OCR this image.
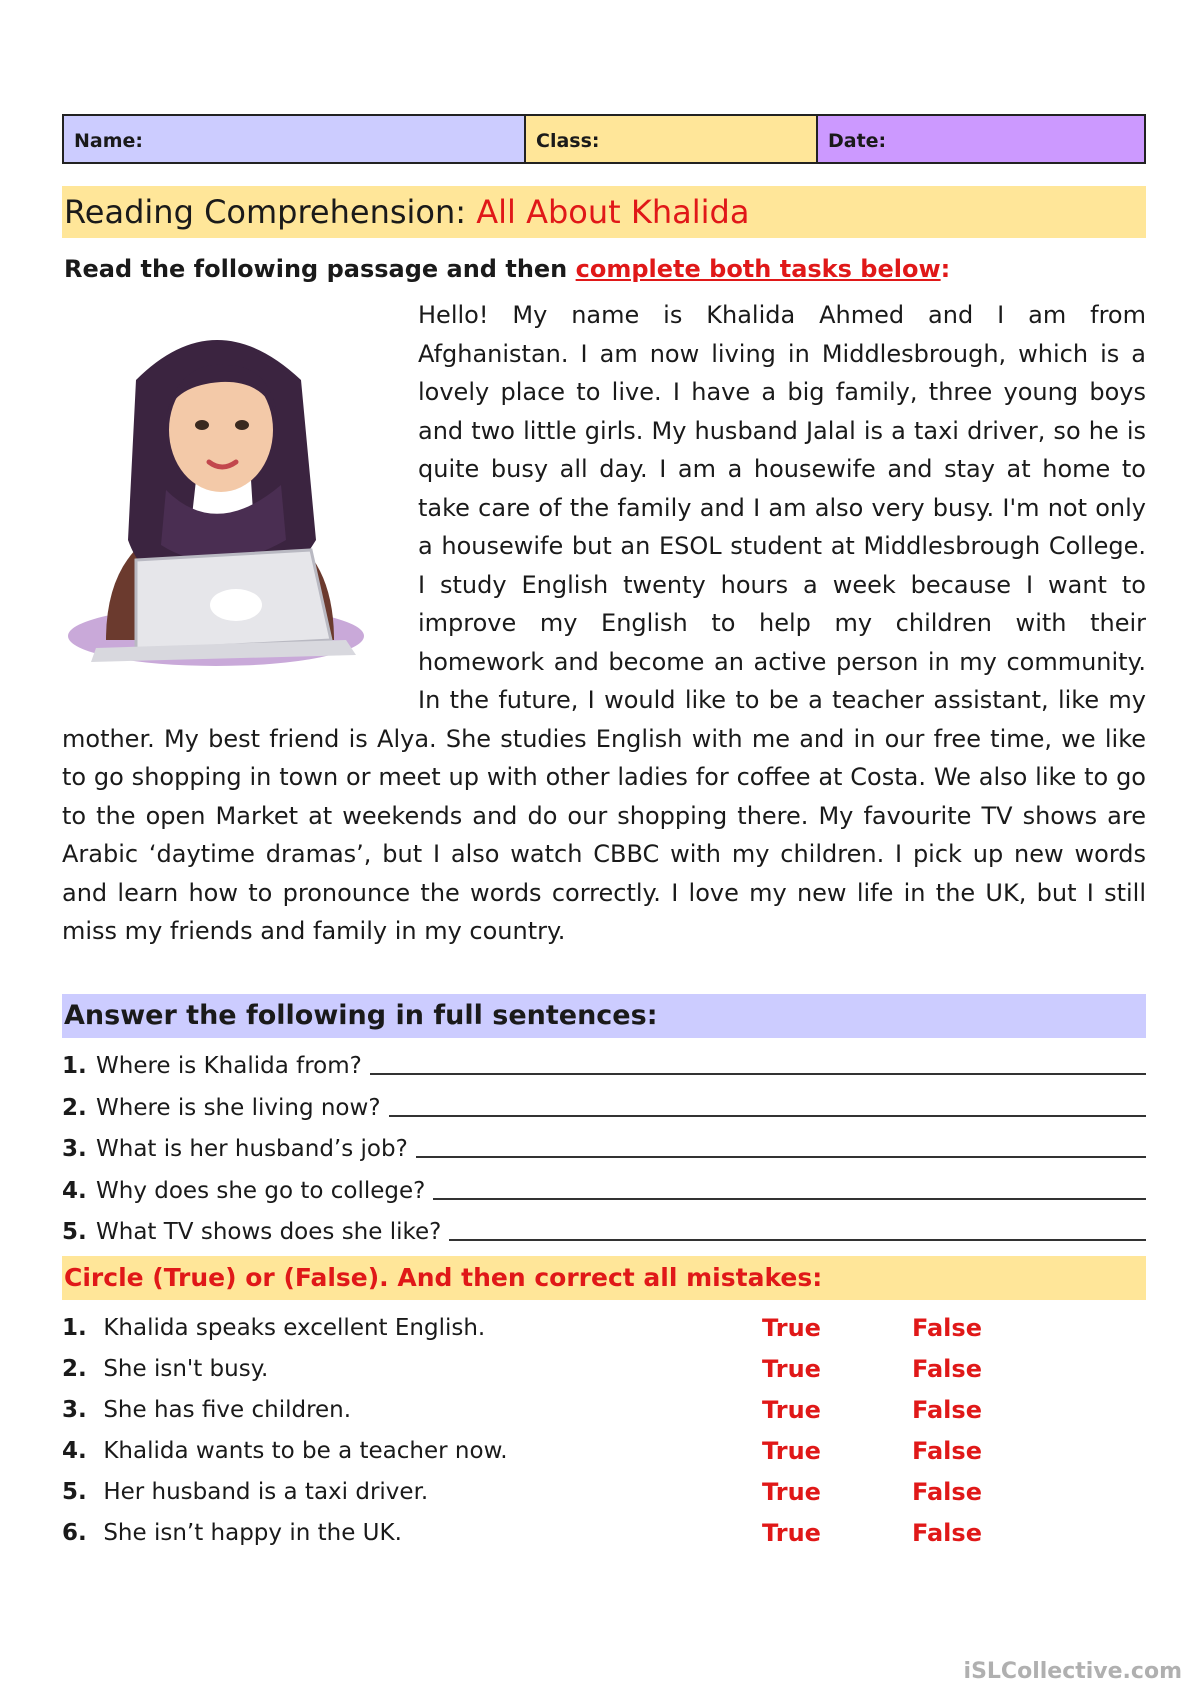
Name:	Class:	Date:
Reading Comprehension: All About Khalida
Read the following passage and then complete both tasks below:
Hello! My name is Khalida Ahmed and I am from Afghanistan. I am now living in Middlesbrough, which is a lovely place to live. I have a big family, three young boys and two little girls. My husband Jalal is a taxi driver, so he is quite busy all day. I am a housewife and stay at home to take care of the family and I am also very busy. I'm not only a housewife but an ESOL student at Middlesbrough College. I study English twenty hours a week because I want to improve my English to help my children with their homework and become an active person in my community. In the future, I would like to be a teacher assistant, like my mother. My best friend is Alya. She studies English with me and in our free time, we like to go shopping in town or meet up with other ladies for coffee at Costa. We also like to go to the open Market at weekends and do our shopping there. My favourite TV shows are Arabic ‘daytime dramas’, but I also watch CBBC with my children. I pick up new words and learn how to pronounce the words correctly. I love my new life in the UK, but I still miss my friends and family in my country.
Answer the following in full sentences:
1. Where is Khalida from?
2. Where is she living now?
3. What is her husband’s job?
4. Why does she go to college?
5. What TV shows does she like?
Circle (True) or (False). And then correct all mistakes:
1. Khalida speaks excellent English.	True	False
2. She isn't busy.	True	False
3. She has five children.	True	False
4. Khalida wants to be a teacher now.	True	False
5. Her husband is a taxi driver.	True	False
6. She isn’t happy in the UK.	True	False
iSLCollective.com
